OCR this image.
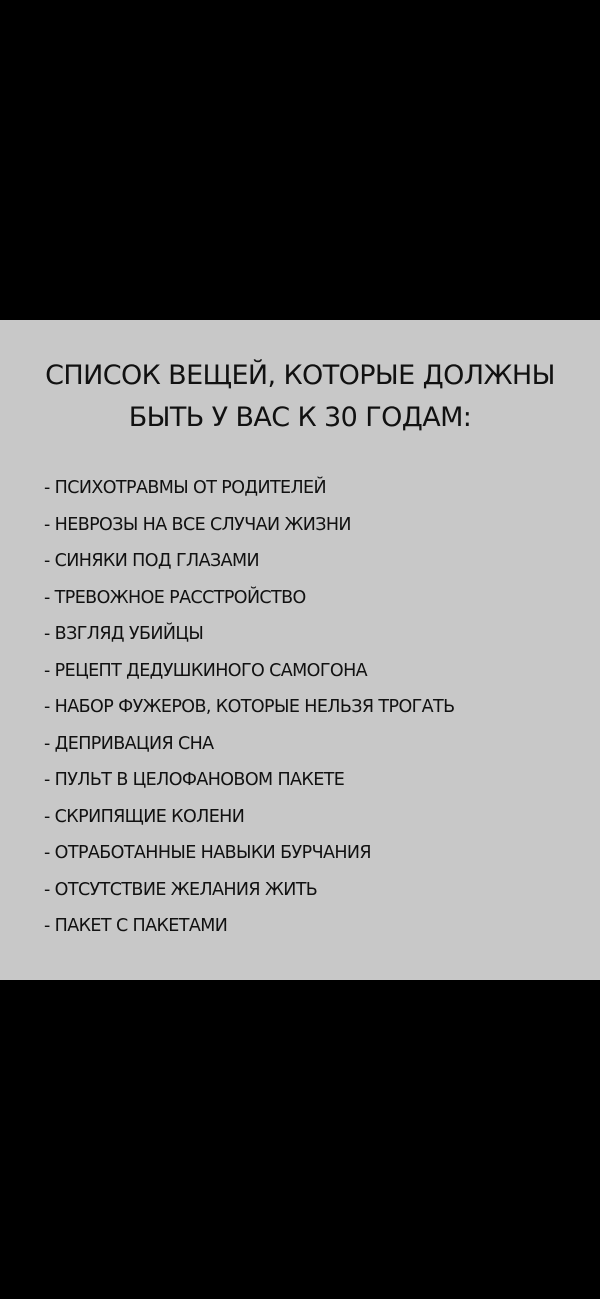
СПИСОК ВЕЩЕЙ, КОТОРЫЕ ДОЛЖНЫ
БЫТЬ У ВАС К 30 ГОДАМ:
- ПСИХОТРАВМЫ ОТ РОДИТЕЛЕЙ
- НЕВРОЗЫ НА ВСЕ СЛУЧАИ ЖИЗНИ
- СИНЯКИ ПОД ГЛАЗАМИ
- ТРЕВОЖНОЕ РАССТРОЙСТВО
- ВЗГЛЯД УБИЙЦЫ
- РЕЦЕПТ ДЕДУШКИНОГО САМОГОНА
- НАБОР ФУЖЕРОВ, КОТОРЫЕ НЕЛЬЗЯ ТРОГАТЬ
- ДЕПРИВАЦИЯ СНА
- ПУЛЬТ В ЦЕЛОФАНОВОМ ПАКЕТЕ
- СКРИПЯЩИЕ КОЛЕНИ
- ОТРАБОТАННЫЕ НАВЫКИ БУРЧАНИЯ
- ОТСУТСТВИЕ ЖЕЛАНИЯ ЖИТЬ
- ПАКЕТ С ПАКЕТАМИ
